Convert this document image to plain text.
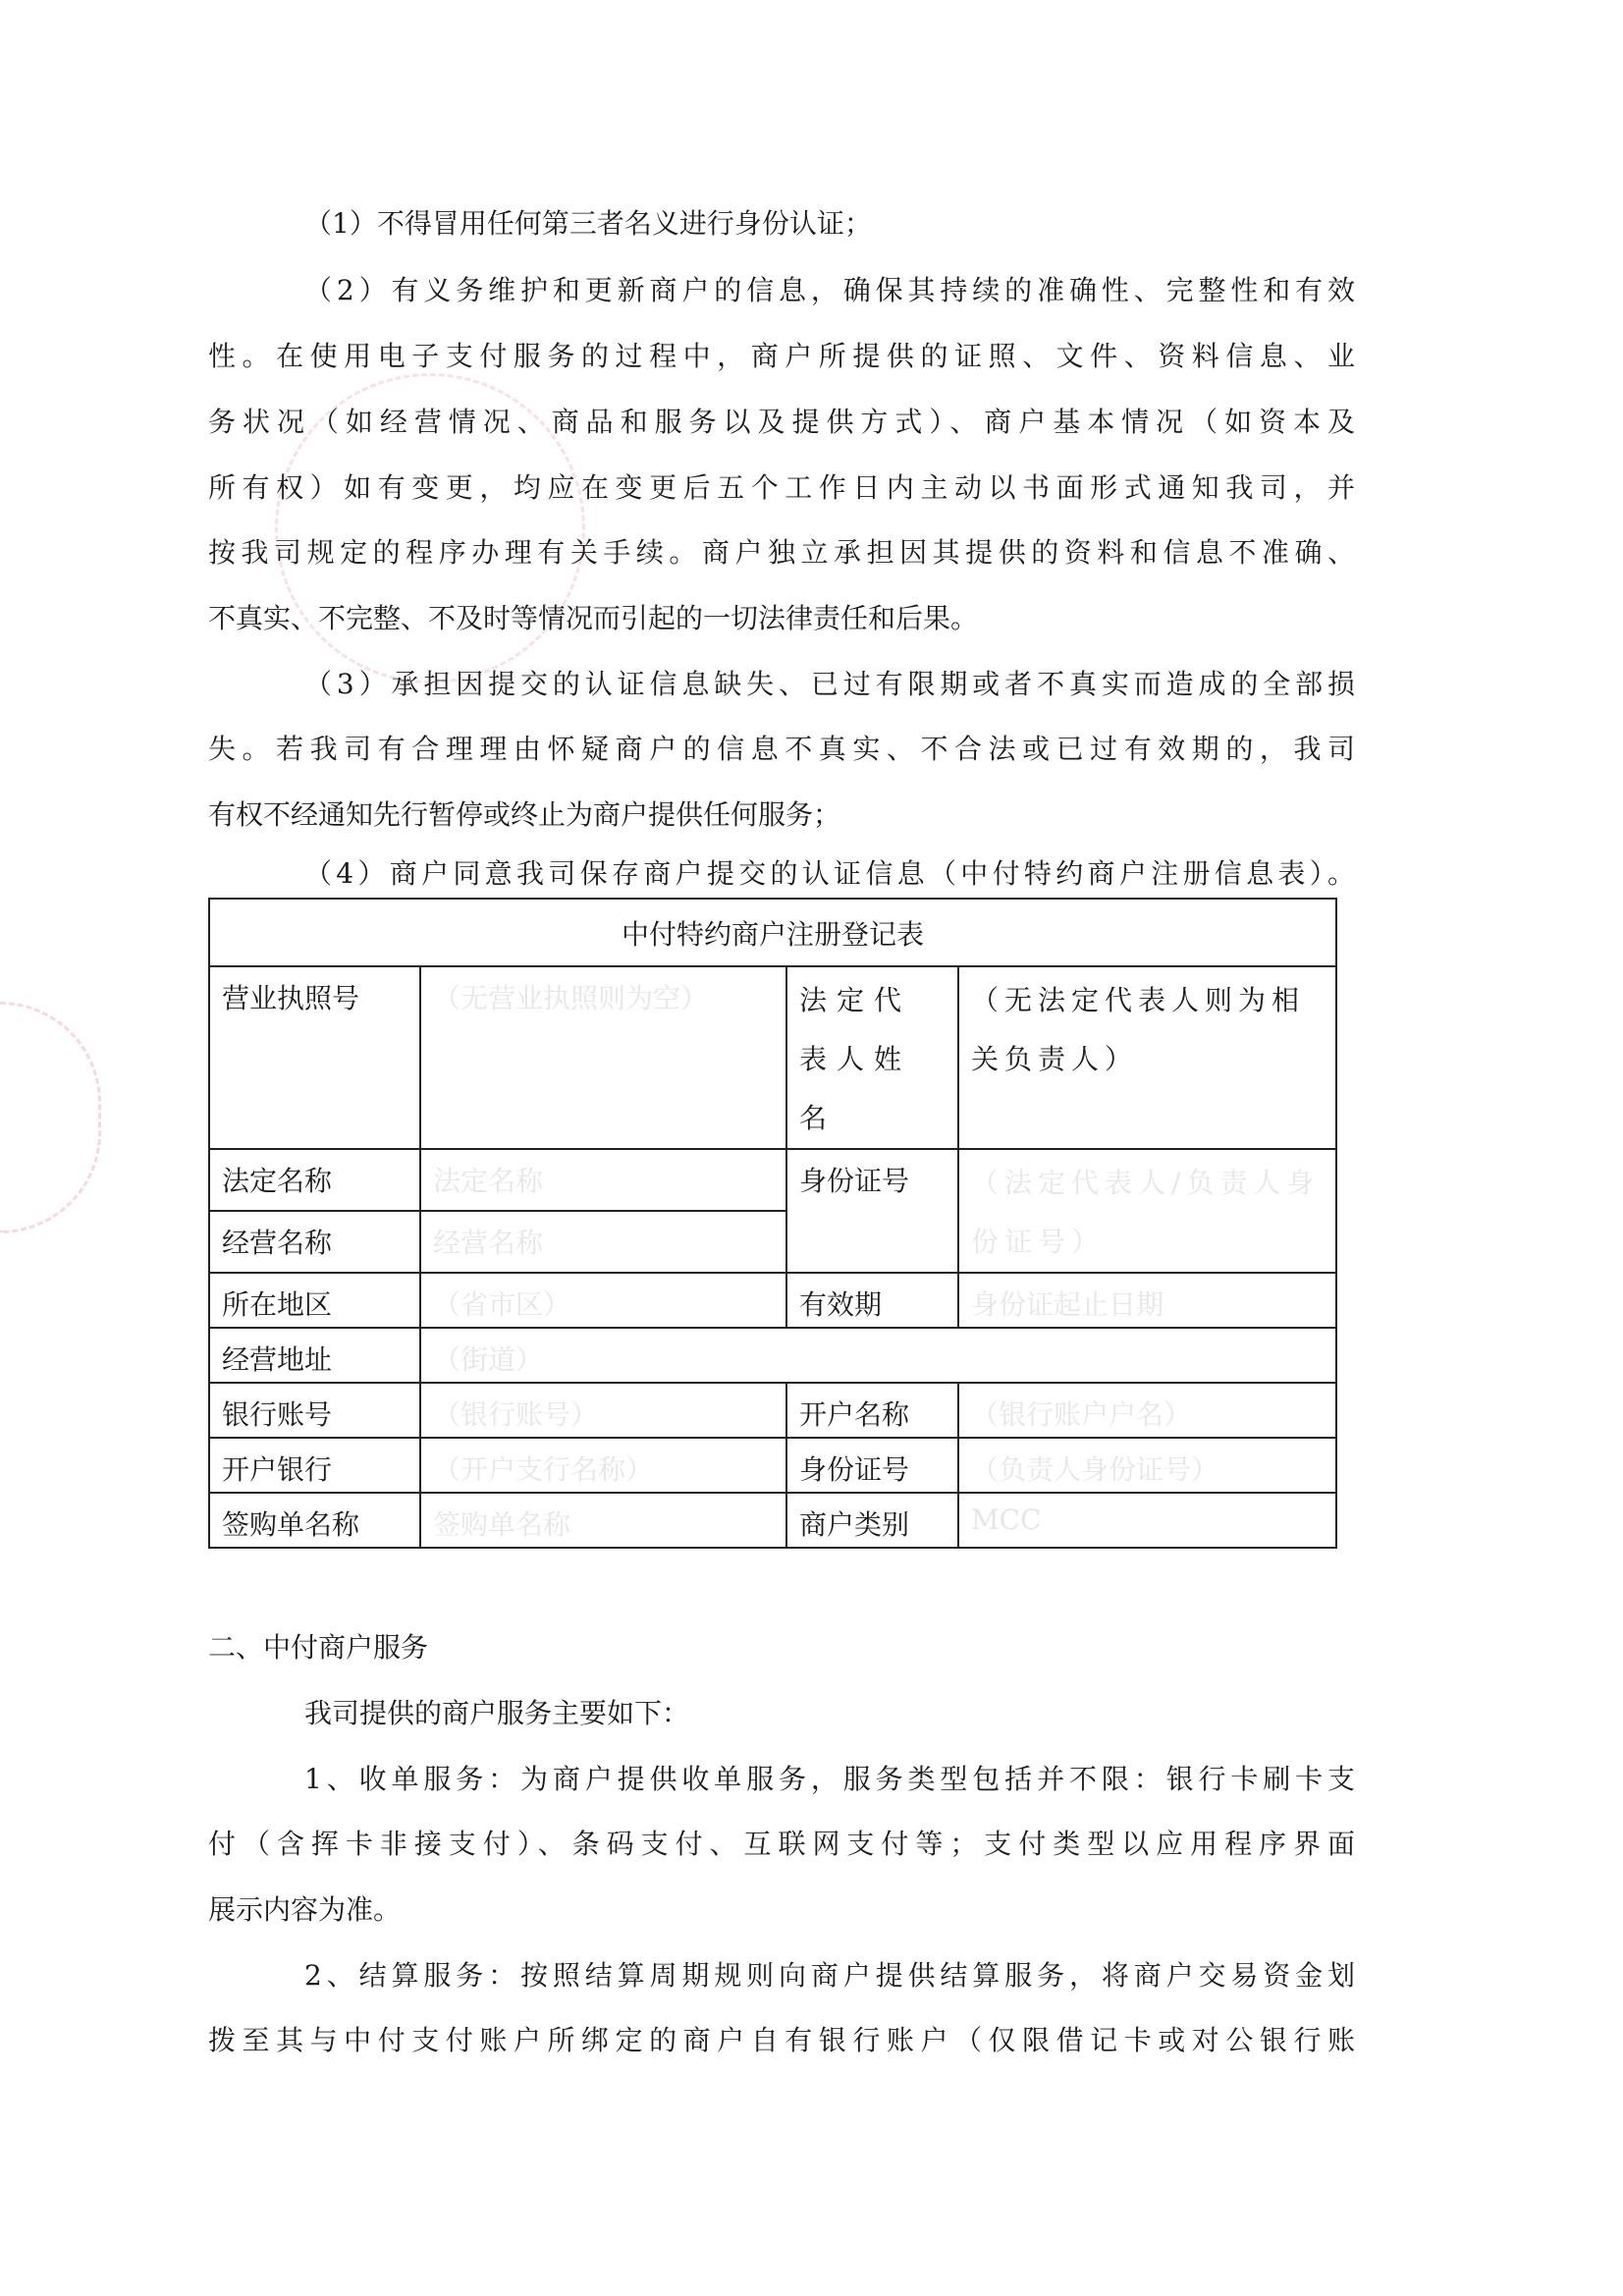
（1）不得冒用任何第三者名义进行身份认证；
（2）有义务维护和更新商户的信息，确保其持续的准确性、完整性和有效
性。在使用电子支付服务的过程中，商户所提供的证照、文件、资料信息、业
务状况（如经营情况、商品和服务以及提供方式）、商户基本情况（如资本及
所有权）如有变更，均应在变更后五个工作日内主动以书面形式通知我司，并
按我司规定的程序办理有关手续。商户独立承担因其提供的资料和信息不准确、
不真实、不完整、不及时等情况而引起的一切法律责任和后果。
（3）承担因提交的认证信息缺失、已过有限期或者不真实而造成的全部损
失。若我司有合理理由怀疑商户的信息不真实、不合法或已过有效期的，我司
有权不经通知先行暂停或终止为商户提供任何服务；
（4）商户同意我司保存商户提交的认证信息（中付特约商户注册信息表）。
中付特约商户注册登记表			
营业执照号	（无营业执照则为空）	法定代表人姓名	（无法定代表人则为相关负责人）
法定名称	法定名称	身份证号	（法定代表人/负责人身份证号）
经营名称	经营名称		
所在地区	（省市区）	有效期	身份证起止日期
经营地址	（街道）		
银行账号	（银行账号）	开户名称	（银行账户户名）
开户银行	（开户支行名称）	身份证号	（负责人身份证号）
签购单名称	签购单名称	商户类别	MCC
二、中付商户服务
我司提供的商户服务主要如下：
1、收单服务：为商户提供收单服务，服务类型包括并不限：银行卡刷卡支
付（含挥卡非接支付）、条码支付、互联网支付等；支付类型以应用程序界面
展示内容为准。
2、结算服务：按照结算周期规则向商户提供结算服务，将商户交易资金划
拨至其与中付支付账户所绑定的商户自有银行账户（仅限借记卡或对公银行账
